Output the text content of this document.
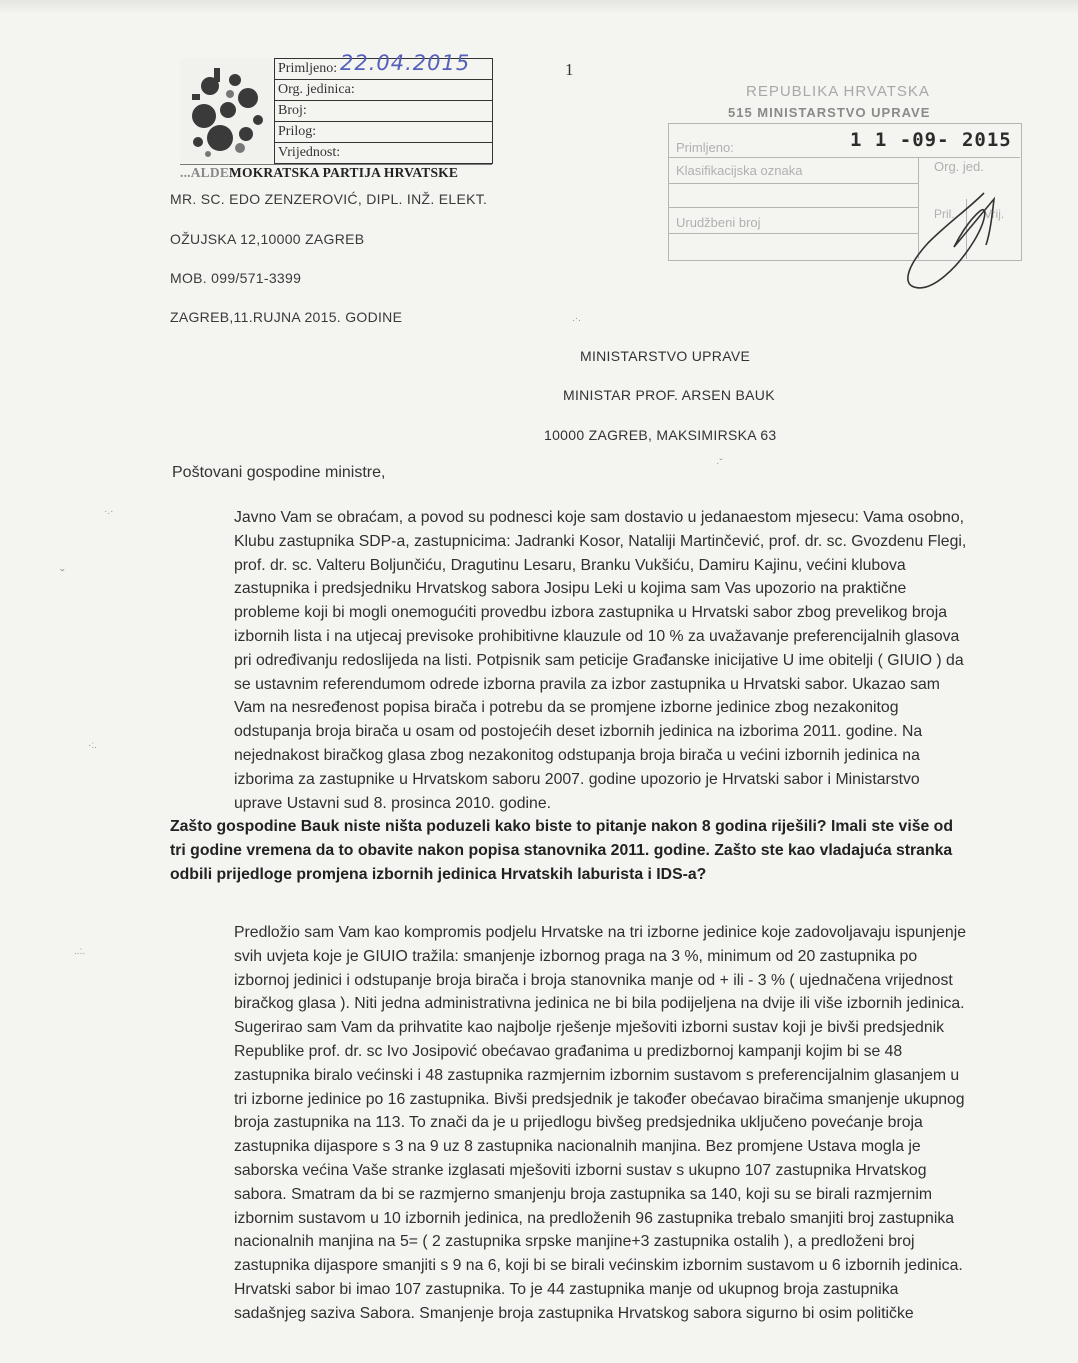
Primljeno: 22.04.2015
Org. jedinica:
Broj:
Prilog:
Vrijednost:
...ALDEMOKRATSKA PARTIJA HRVATSKE
1
MR. SC. EDO ZENZEROVIĆ, DIPL. INŽ. ELEKT.
OŽUJSKA 12,10000 ZAGREB
MOB. 099/571-3399
ZAGREB,11.RUJNA 2015. GODINE
REPUBLIKA HRVATSKA
515 MINISTARSTVO UPRAVE
Primljeno:	1 1 -09- 2015
Klasifikacijska oznaka	Org. jed.
Urudžbeni broj
Pril. Vrij.
MINISTARSTVO UPRAVE
MINISTAR PROF. ARSEN BAUK
10000 ZAGREB, MAKSIMIRSKA 63
Poštovani gospodine ministre,

Javno Vam se obraćam, a povod su podnesci koje sam dostavio u jedanaestom mjesecu: Vama osobno, Klubu zastupnika SDP-a, zastupnicima: Jadranki Kosor, Nataliji Martinčević, prof. dr. sc. Gvozdenu Flegi, prof. dr. sc. Valteru Boljunčiću, Dragutinu Lesaru, Branku Vukšiću, Damiru Kajinu, većini klubova zastupnika i predsjedniku Hrvatskog sabora Josipu Leki u kojima sam Vas upozorio na praktične probleme koji bi mogli onemogućiti provedbu izbora zastupnika u Hrvatski sabor zbog prevelikog broja izbornih lista i na utjecaj previsoke prohibitivne klauzule od 10 % za uvažavanje preferencijalnih glasova pri određivanju redoslijeda na listi. Potpisnik sam peticije Građanske inicijative U ime obitelji ( GIUIO ) da se ustavnim referendumom odrede izborna pravila za izbor zastupnika u Hrvatski sabor. Ukazao sam Vam na nesređenost popisa birača i potrebu da se promjene izborne jedinice zbog nezakonitog odstupanja broja birača u osam od postojećih deset izbornih jedinica na izborima 2011. godine. Na nejednakost biračkog glasa zbog nezakonitog odstupanja broja birača u većini izbornih jedinica na izborima za zastupnike u Hrvatskom saboru 2007. godine upozorio je Hrvatski sabor i Ministarstvo uprave Ustavni sud 8. prosinca 2010. godine.

Zašto gospodine Bauk niste ništa poduzeli kako biste to pitanje nakon 8 godina riješili? Imali ste više od tri godine vremena da to obavite nakon popisa stanovnika 2011. godine. Zašto ste kao vladajuća stranka odbili prijedloge promjena izbornih jedinica Hrvatskih laburista i IDS-a?

Predložio sam Vam kao kompromis podjelu Hrvatske na tri izborne jedinice koje zadovoljavaju ispunjenje svih uvjeta koje je GIUIO tražila: smanjenje izbornog praga na 3 %, minimum od 20 zastupnika po izbornoj jedinici i odstupanje broja birača i broja stanovnika manje od + ili - 3 % ( ujednačena vrijednost biračkog glasa ). Niti jedna administrativna jedinica ne bi bila podijeljena na dvije ili više izbornih jedinica. Sugerirao sam Vam da prihvatite kao najbolje rješenje mješoviti izborni sustav koji je bivši predsjednik Republike prof. dr. sc Ivo Josipović obećavao građanima u predizbornoj kampanji kojim bi se 48 zastupnika biralo većinski i 48 zastupnika razmjernim izbornim sustavom s preferencijalnim glasanjem u tri izborne jedinice po 16 zastupnika. Bivši predsjednik je također obećavao biračima smanjenje ukupnog broja zastupnika na 113. To znači da je u prijedlogu bivšeg predsjednika uključeno povećanje broja zastupnika dijaspore s 3 na 9 uz 8 zastupnika nacionalnih manjina. Bez promjene Ustava mogla je saborska većina Vaše stranke izglasati mješoviti izborni sustav s ukupno 107 zastupnika Hrvatskog sabora. Smatram da bi se razmjerno smanjenju broja zastupnika sa 140, koji su se birali razmjernim izbornim sustavom u 10 izbornih jedinica, na predloženih 96 zastupnika trebalo smanjiti broj zastupnika nacionalnih manjina na 5= ( 2 zastupnika srpske manjine+3 zastupnika ostalih ), a predloženi broj zastupnika dijaspore smanjiti s 9 na 6, koji bi se birali većinskim izbornim sustavom u 6 izbornih jedinica. Hrvatski sabor bi imao 107 zastupnika. To je 44 zastupnika manje od ukupnog broja zastupnika sadašnjeg saziva Sabora. Smanjenje broja zastupnika Hrvatskog sabora sigurno bi osim političke

·.·
ˇ
·:.
..:.
·ˇ
.·.
